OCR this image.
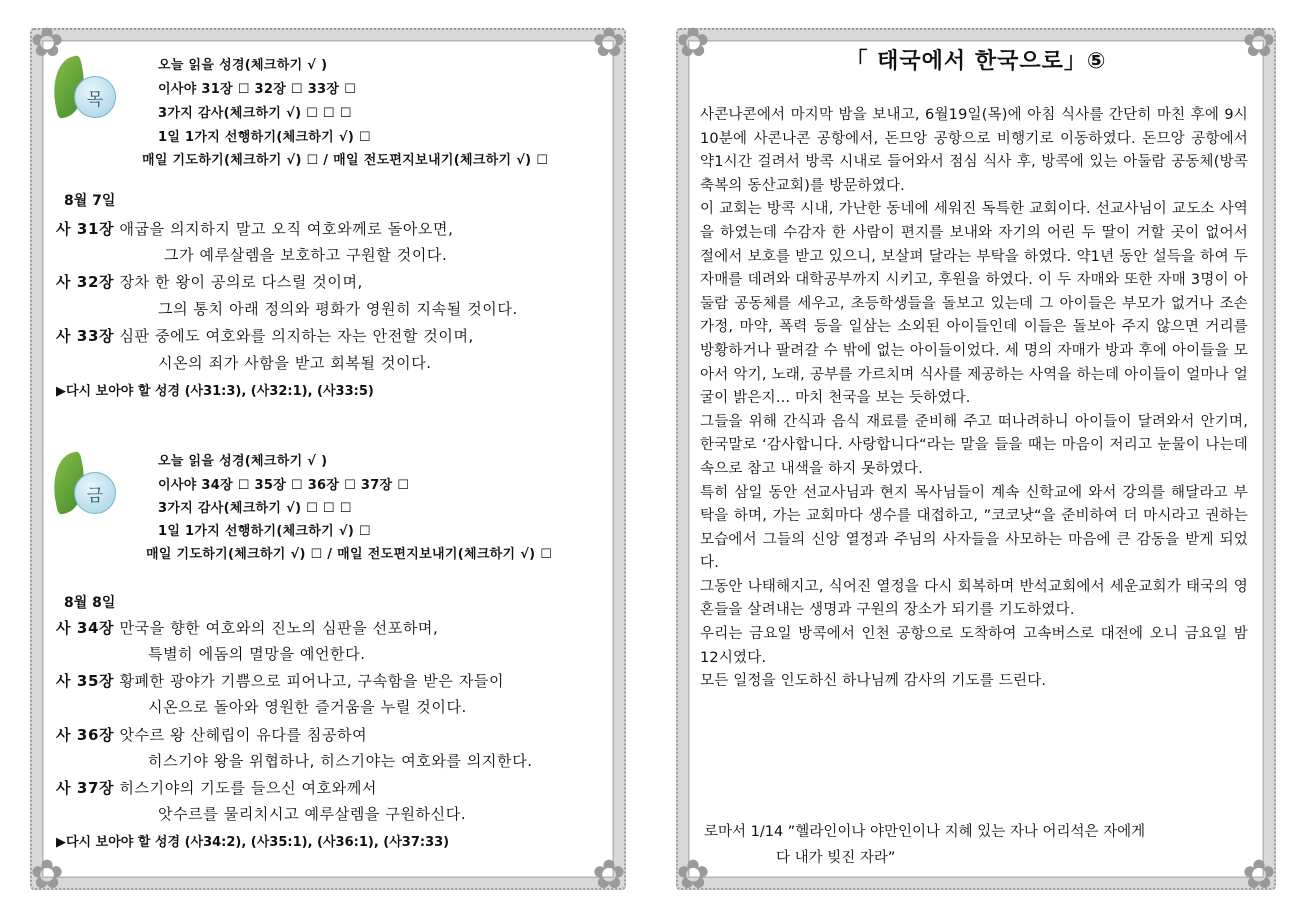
✿	✿
✿	✿
목
오늘 읽을 성경(체크하기 √ )
이사야 31장 ☐ 32장 ☐ 33장 ☐
3가지 감사(체크하기 √) ☐ ☐ ☐
1일 1가지 선행하기(체크하기 √) ☐
매일 기도하기(체크하기 √) ☐ / 매일 전도편지보내기(체크하기 √) ☐
8월 7일
사 31장 애굽을 의지하지 말고 오직 여호와께로 돌아오면,
그가 예루살렘을 보호하고 구원할 것이다.
사 32장 장차 한 왕이 공의로 다스릴 것이며,
그의 통치 아래 정의와 평화가 영원히 지속될 것이다.
사 33장 심판 중에도 여호와를 의지하는 자는 안전할 것이며,
시온의 죄가 사함을 받고 회복될 것이다.
▶다시 보아야 할 성경 (사31:3), (사32:1), (사33:5)
금
오늘 읽을 성경(체크하기 √ )
이사야 34장 ☐ 35장 ☐ 36장 ☐ 37장 ☐
3가지 감사(체크하기 √) ☐ ☐ ☐
1일 1가지 선행하기(체크하기 √) ☐
매일 기도하기(체크하기 √) ☐ / 매일 전도편지보내기(체크하기 √) ☐
8월 8일
사 34장 만국을 향한 여호와의 진노의 심판을 선포하며,
특별히 에돔의 멸망을 예언한다.
사 35장 황폐한 광야가 기쁨으로 피어나고, 구속함을 받은 자들이
시온으로 돌아와 영원한 즐거움을 누릴 것이다.
사 36장 앗수르 왕 산헤립이 유다를 침공하여
히스기야 왕을 위협하나, 히스기야는 여호와를 의지한다.
사 37장 히스기야의 기도를 들으신 여호와께서
앗수르를 물리치시고 예루살렘을 구원하신다.
▶다시 보아야 할 성경 (사34:2), (사35:1), (사36:1), (사37:33)
✿	✿
✿	✿
「 태국에서 한국으로」⑤

사콘나콘에서 마지막 밤을 보내고, 6월19일(목)에 아침 식사를 간단히 마친 후에 9시10분에 사콘나콘 공항에서, 돈므앙 공항으로 비행기로 이동하였다. 돈므앙 공항에서 약1시간 걸려서 방콕 시내로 들어와서 점심 식사 후, 방콕에 있는 아둘람 공동체(방콕 축복의 동산교회)를 방문하였다.

이 교회는 방콕 시내, 가난한 동네에 세워진 독특한 교회이다. 선교사님이 교도소 사역을 하였는데 수감자 한 사람이 편지를 보내와 자기의 어린 두 딸이 거할 곳이 없어서 절에서 보호를 받고 있으니, 보살펴 달라는 부탁을 하였다. 약1년 동안 설득을 하여 두 자매를 데려와 대학공부까지 시키고, 후원을 하였다. 이 두 자매와 또한 자매 3명이 아둘람 공동체를 세우고, 초등학생들을 돌보고 있는데 그 아이들은 부모가 없거나 조손 가정, 마약, 폭력 등을 일삼는 소외된 아이들인데 이들은 돌보아 주지 않으면 거리를 방황하거나 팔려갈 수 밖에 없는 아이들이었다. 세 명의 자매가 방과 후에 아이들을 모아서 악기, 노래, 공부를 가르치며 식사를 제공하는 사역을 하는데 아이들이 얼마나 얼굴이 밝은지... 마치 천국을 보는 듯하였다.

그들을 위해 간식과 음식 재료를 준비해 주고 떠나려하니 아이들이 달려와서 안기며, 한국말로 ‘감사합니다. 사랑합니다“라는 말을 들을 때는 마음이 저리고 눈물이 나는데 속으로 참고 내색을 하지 못하였다.

특히 삼일 동안 선교사님과 현지 목사님들이 계속 신학교에 와서 강의를 해달라고 부탁을 하며, 가는 교회마다 생수를 대접하고, ”코코낫“을 준비하여 더 마시라고 권하는 모습에서 그들의 신앙 열정과 주님의 사자들을 사모하는 마음에 큰 감동을 받게 되었다.

그동안 나태해지고, 식어진 열정을 다시 회복하며 반석교회에서 세운교회가 태국의 영혼들을 살려내는 생명과 구원의 장소가 되기를 기도하였다.

우리는 금요일 방콕에서 인천 공항으로 도착하여 고속버스로 대전에 오니 금요일 밤12시였다.

모든 일정을 인도하신 하나님께 감사의 기도를 드린다.

로마서 1/14 ”헬라인이나 야만인이나 지혜 있는 자나 어리석은 자에게
다 내가 빚진 자라”
